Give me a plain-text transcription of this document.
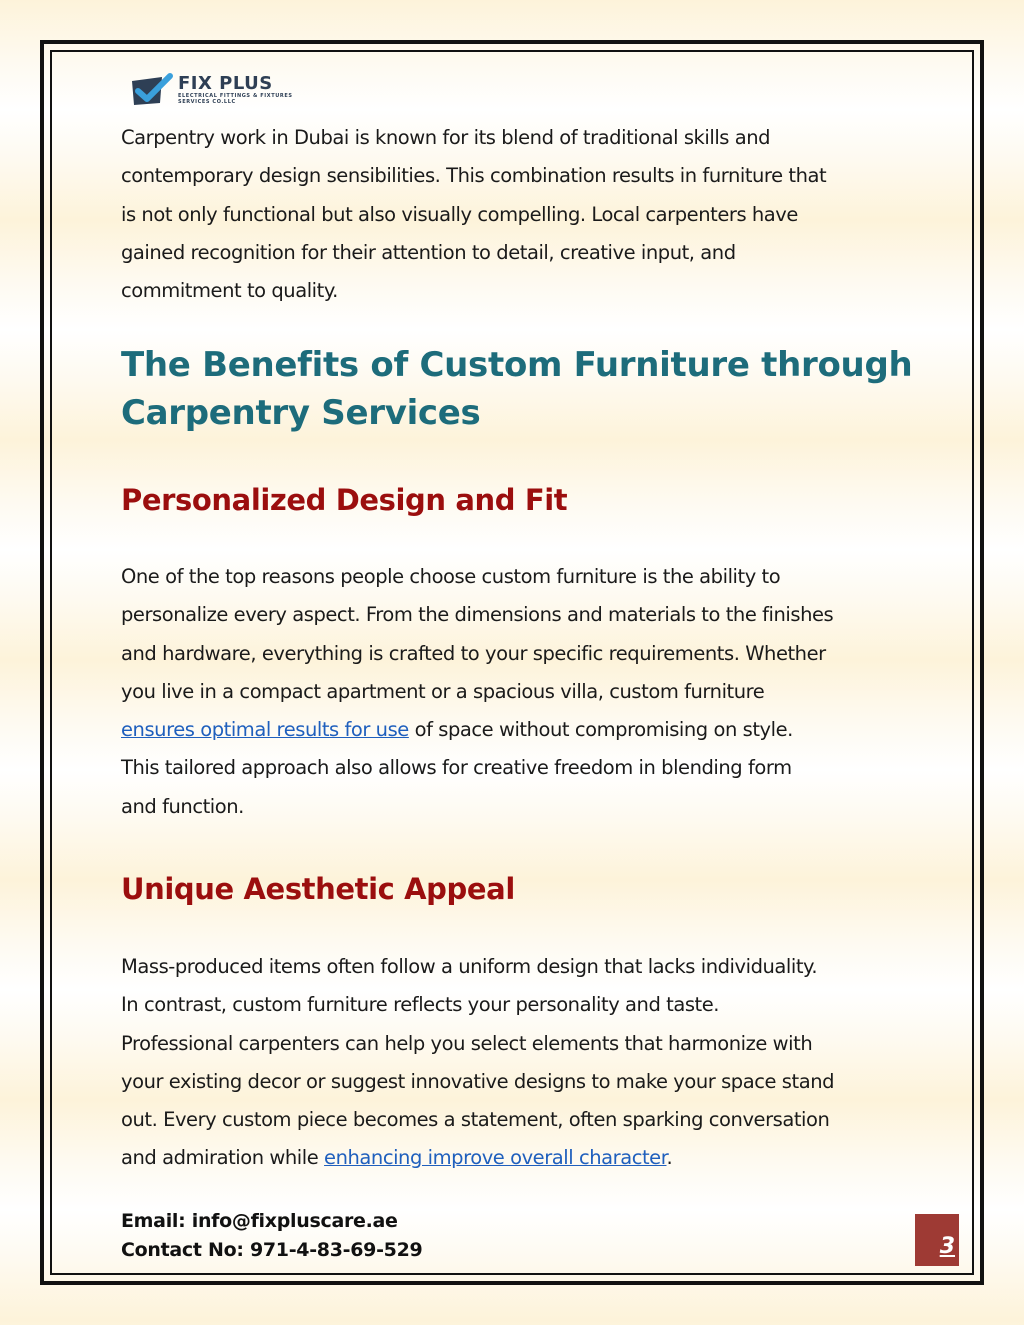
FIX PLUS
ELECTRICAL FITTINGS & FIXTURES
SERVICES CO.LLC

Carpentry work in Dubai is known for its blend of traditional skills and
contemporary design sensibilities. This combination results in furniture that
is not only functional but also visually compelling. Local carpenters have
gained recognition for their attention to detail, creative input, and
commitment to quality.

The Benefits of Custom Furniture through
Carpentry Services
Personalized Design and Fit

One of the top reasons people choose custom furniture is the ability to
personalize every aspect. From the dimensions and materials to the finishes
and hardware, everything is crafted to your specific requirements. Whether
you live in a compact apartment or a spacious villa, custom furniture
ensures optimal results for use of space without compromising on style.
This tailored approach also allows for creative freedom in blending form
and function.

Unique Aesthetic Appeal

Mass-produced items often follow a uniform design that lacks individuality.
In contrast, custom furniture reflects your personality and taste.
Professional carpenters can help you select elements that harmonize with
your existing decor or suggest innovative designs to make your space stand
out. Every custom piece becomes a statement, often sparking conversation
and admiration while enhancing improve overall character.

Email: info@fixpluscare.ae
Contact No: 971-4-83-69-529	3
